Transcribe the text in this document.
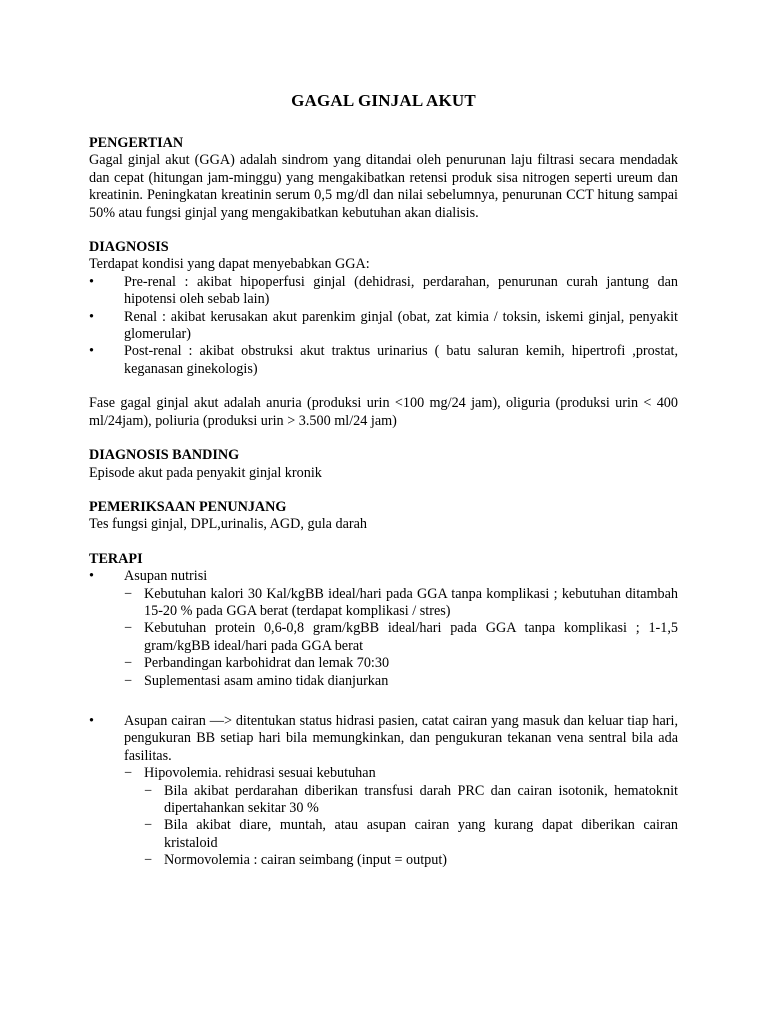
GAGAL GINJAL AKUT
PENGERTIAN

Gagal ginjal akut (GGA) adalah sindrom yang ditandai oleh penurunan laju filtrasi secara mendadak dan cepat (hitungan jam-minggu) yang mengakibatkan retensi produk sisa nitrogen seperti ureum dan kreatinin. Peningkatan kreatinin serum 0,5 mg/dl dan nilai sebelumnya, penurunan CCT hitung sampai 50% atau fungsi ginjal yang mengakibatkan kebutuhan akan dialisis.

DIAGNOSIS

Terdapat kondisi yang dapat menyebabkan GGA:

• Pre-renal : akibat hipoperfusi ginjal (dehidrasi, perdarahan, penurunan curah jantung dan hipotensi oleh sebab lain)
• Renal : akibat kerusakan akut parenkim ginjal (obat, zat kimia / toksin, iskemi ginjal, penyakit glomerular)
• Post-renal : akibat obstruksi akut traktus urinarius ( batu saluran kemih, hipertrofi ,prostat, keganasan ginekologis)

Fase gagal ginjal akut adalah anuria (produksi urin <100 mg/24 jam), oliguria (produksi urin < 400 ml/24jam), poliuria (produksi urin > 3.500 ml/24 jam)

DIAGNOSIS BANDING

Episode akut pada penyakit ginjal kronik

PEMERIKSAAN PENUNJANG

Tes fungsi ginjal, DPL,urinalis, AGD, gula darah

TERAPI
• Asupan nutrisi
− Kebutuhan kalori 30 Kal/kgBB ideal/hari pada GGA tanpa komplikasi ; kebutuhan ditambah 15-20 % pada GGA berat (terdapat komplikasi / stres)
− Kebutuhan protein 0,6-0,8 gram/kgBB ideal/hari pada GGA tanpa komplikasi ; 1-1,5 gram/kgBB ideal/hari pada GGA berat
− Perbandingan karbohidrat dan lemak 70:30
− Suplementasi asam amino tidak dianjurkan
• Asupan cairan —> ditentukan status hidrasi pasien, catat cairan yang masuk dan keluar tiap hari, pengukuran BB setiap hari bila memungkinkan, dan pengukuran tekanan vena sentral bila ada fasilitas.
− Hipovolemia. rehidrasi sesuai kebutuhan
− Bila akibat perdarahan diberikan transfusi darah PRC dan cairan isotonik, hematoknit dipertahankan sekitar 30 %
− Bila akibat diare, muntah, atau asupan cairan yang kurang dapat diberikan cairan kristaloid
− Normovolemia : cairan seimbang (input = output)
